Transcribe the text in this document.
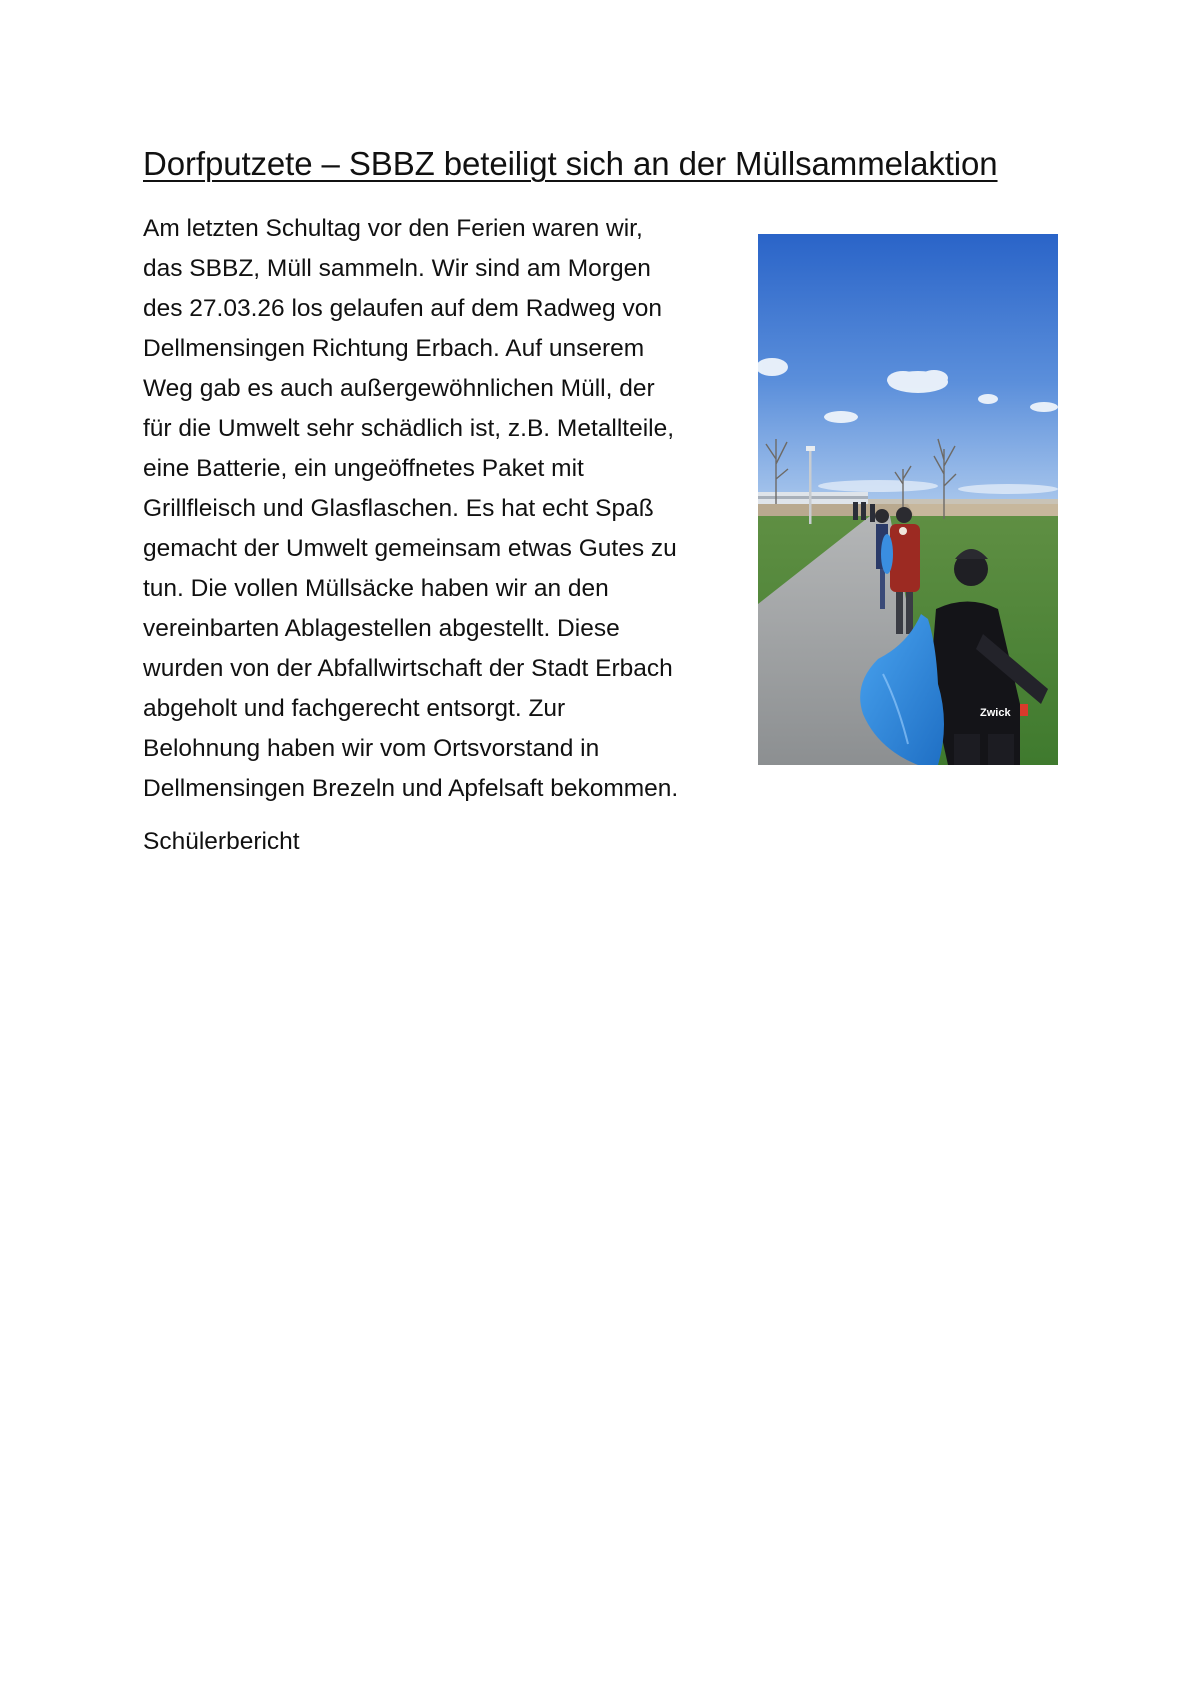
Dorfputzete – SBBZ beteiligt sich an der Müllsammelaktion
Am letzten Schultag vor den Ferien waren wir,
das SBBZ, Müll sammeln. Wir sind am Morgen
des 27.03.26 los gelaufen auf dem Radweg von
Dellmensingen Richtung Erbach. Auf unserem
Weg gab es auch außergewöhnlichen Müll, der
für die Umwelt sehr schädlich ist, z.B. Metallteile,
eine Batterie, ein ungeöffnetes Paket mit
Grillfleisch und Glasflaschen. Es hat echt Spaß
gemacht der Umwelt gemeinsam etwas Gutes zu
tun. Die vollen Müllsäcke haben wir an den
vereinbarten Ablagestellen abgestellt. Diese
wurden von der Abfallwirtschaft der Stadt Erbach
abgeholt und fachgerecht entsorgt. Zur
Belohnung haben wir vom Ortsvorstand in
Dellmensingen Brezeln und Apfelsaft bekommen.

Schülerbericht

Zwick
